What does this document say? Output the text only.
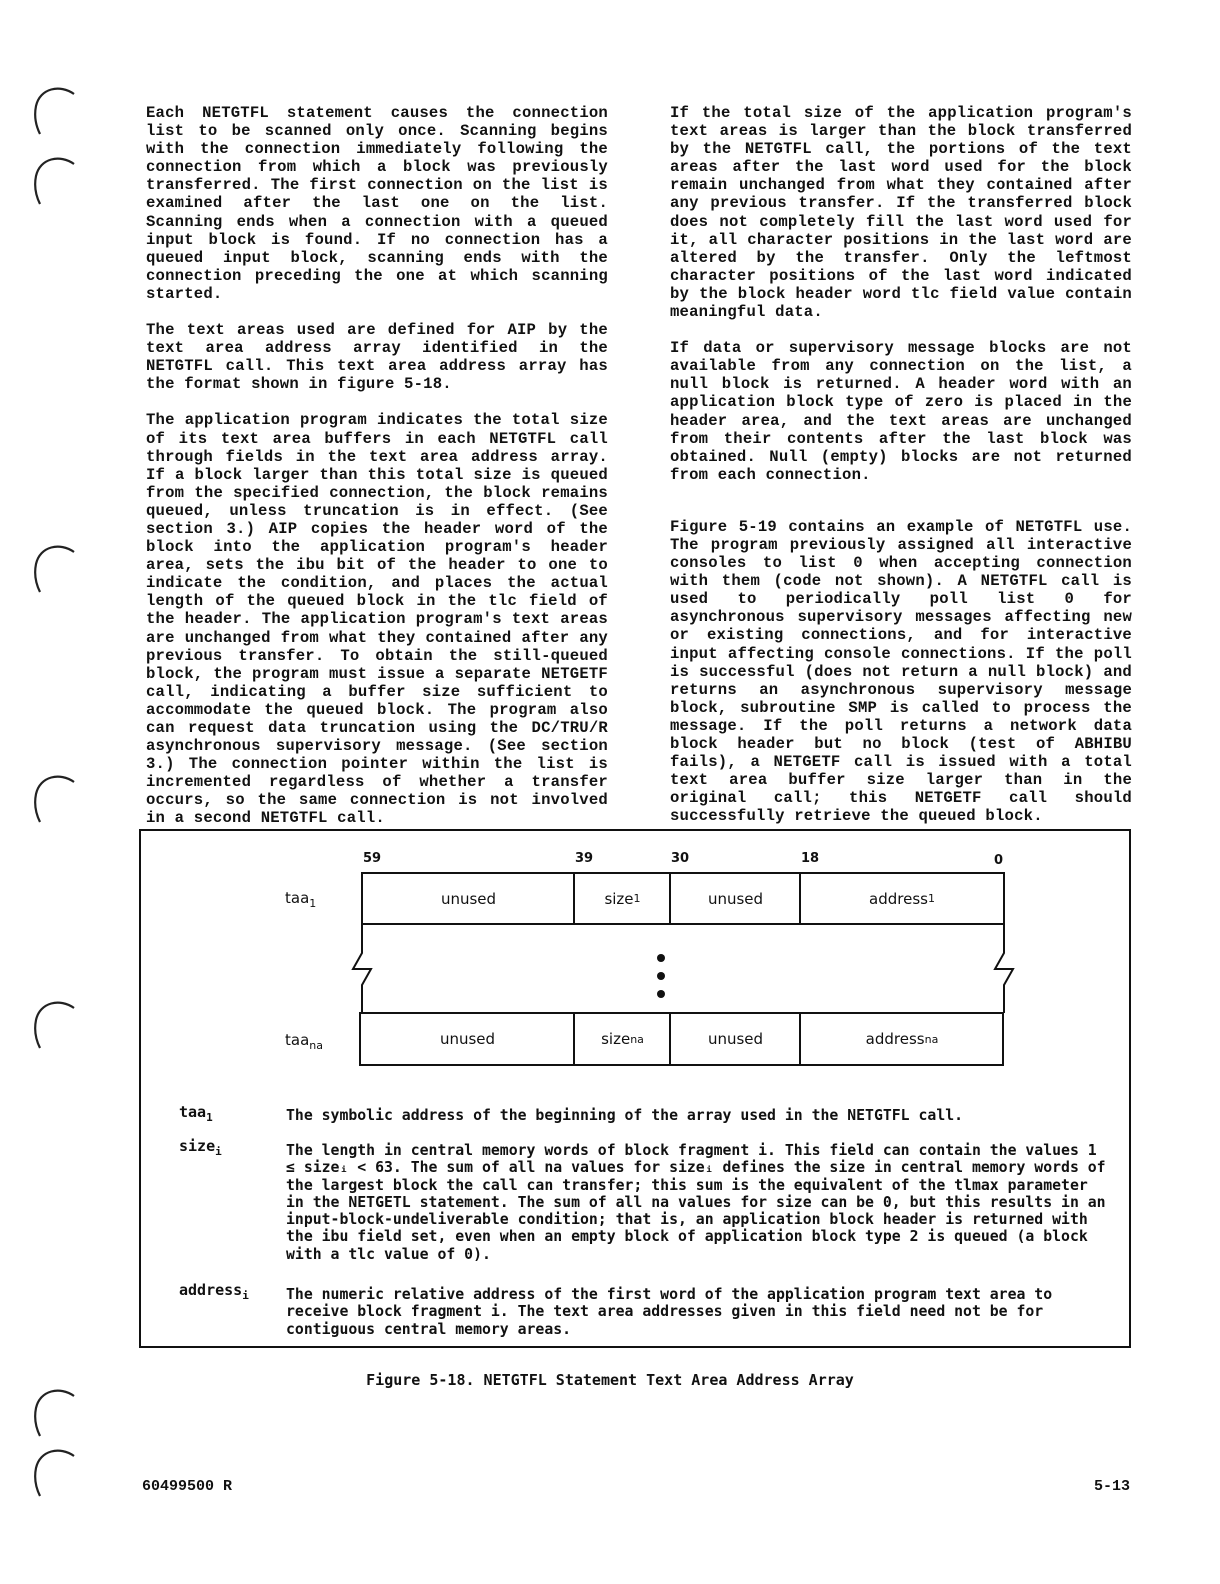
Each NETGTFL statement causes the connection list to be scanned only once. Scanning begins with the connection immediately following the connection from which a block was previously transferred. The first connection on the list is examined after the last one on the list. Scanning ends when a connection with a queued input block is found. If no connection has a queued input block, scanning ends with the connection preceding the one at which scanning started.

The text areas used are defined for AIP by the text area address array identified in the NETGTFL call. This text area address array has the format shown in figure 5-18.

The application program indicates the total size of its text area buffers in each NETGTFL call through fields in the text area address array. If a block larger than this total size is queued from the specified connection, the block remains queued, unless truncation is in effect. (See section 3.) AIP copies the header word of the block into the application program's header area, sets the ibu bit of the header to one to indicate the condition, and places the actual length of the queued block in the tlc field of the header. The application program's text areas are unchanged from what they contained after any previous transfer. To obtain the still-queued block, the program must issue a separate NETGETF call, indicating a buffer size sufficient to accommodate the queued block. The program also can request data truncation using the DC/TRU/R asynchronous supervisory message. (See section 3.) The connection pointer within the list is incremented regardless of whether a transfer occurs, so the same connection is not involved in a second NETGTFL call.

If the total size of the application program's text areas is larger than the block transferred by the NETGTFL call, the portions of the text areas after the last word used for the block remain unchanged from what they contained after any previous transfer. If the transferred block does not completely fill the last word used for it, all character positions in the last word are altered by the transfer. Only the leftmost character positions of the last word indicated by the block header word tlc field value contain meaningful data.

If data or supervisory message blocks are not available from any connection on the list, a null block is returned. A header word with an application block type of zero is placed in the header area, and the text areas are unchanged from their contents after the last block was obtained. Null (empty) blocks are not returned from each connection.

Figure 5-19 contains an example of NETGTFL use. The program previously assigned all interactive consoles to list 0 when accepting connection with them (code not shown). A NETGTFL call is used to periodically poll list 0 for asynchronous supervisory messages affecting new or existing connections, and for interactive input affecting console connections. If the poll is successful (does not return a null block) and returns an asynchronous supervisory message block, subroutine SMP is called to process the message. If the poll returns a network data block header but no block (test of ABHIBU fails), a NETGETF call is issued with a total text area buffer size larger than in the original call; this NETGETF call should successfully retrieve the queued block.

59	39	30	18	0
taa$_1$	unused	size 1	unused	address 1
taa$_{na}$	unused	size na	unused	address na
taa$_1$	The symbolic address of the beginning of the array used in the NETGTFL call.
size$_i$	The length in central memory words of block fragment i. This field can contain the values 1 ≤ sizeᵢ < 63. The sum of all na values for sizeᵢ defines the size in central memory words of the largest block the call can transfer; this sum is the equivalent of the tlmax parameter in the NETGETL statement. The sum of all na values for size can be 0, but this results in an input-block-undeliverable condition; that is, an application block header is returned with the ibu field set, even when an empty block of application block type 2 is queued (a block with a tlc value of 0).
address$_i$	The numeric relative address of the first word of the application program text area to receive block fragment i. The text area addresses given in this field need not be for contiguous central memory areas.
Figure 5-18. NETGTFL Statement Text Area Address Array
60499500 R	5-13
